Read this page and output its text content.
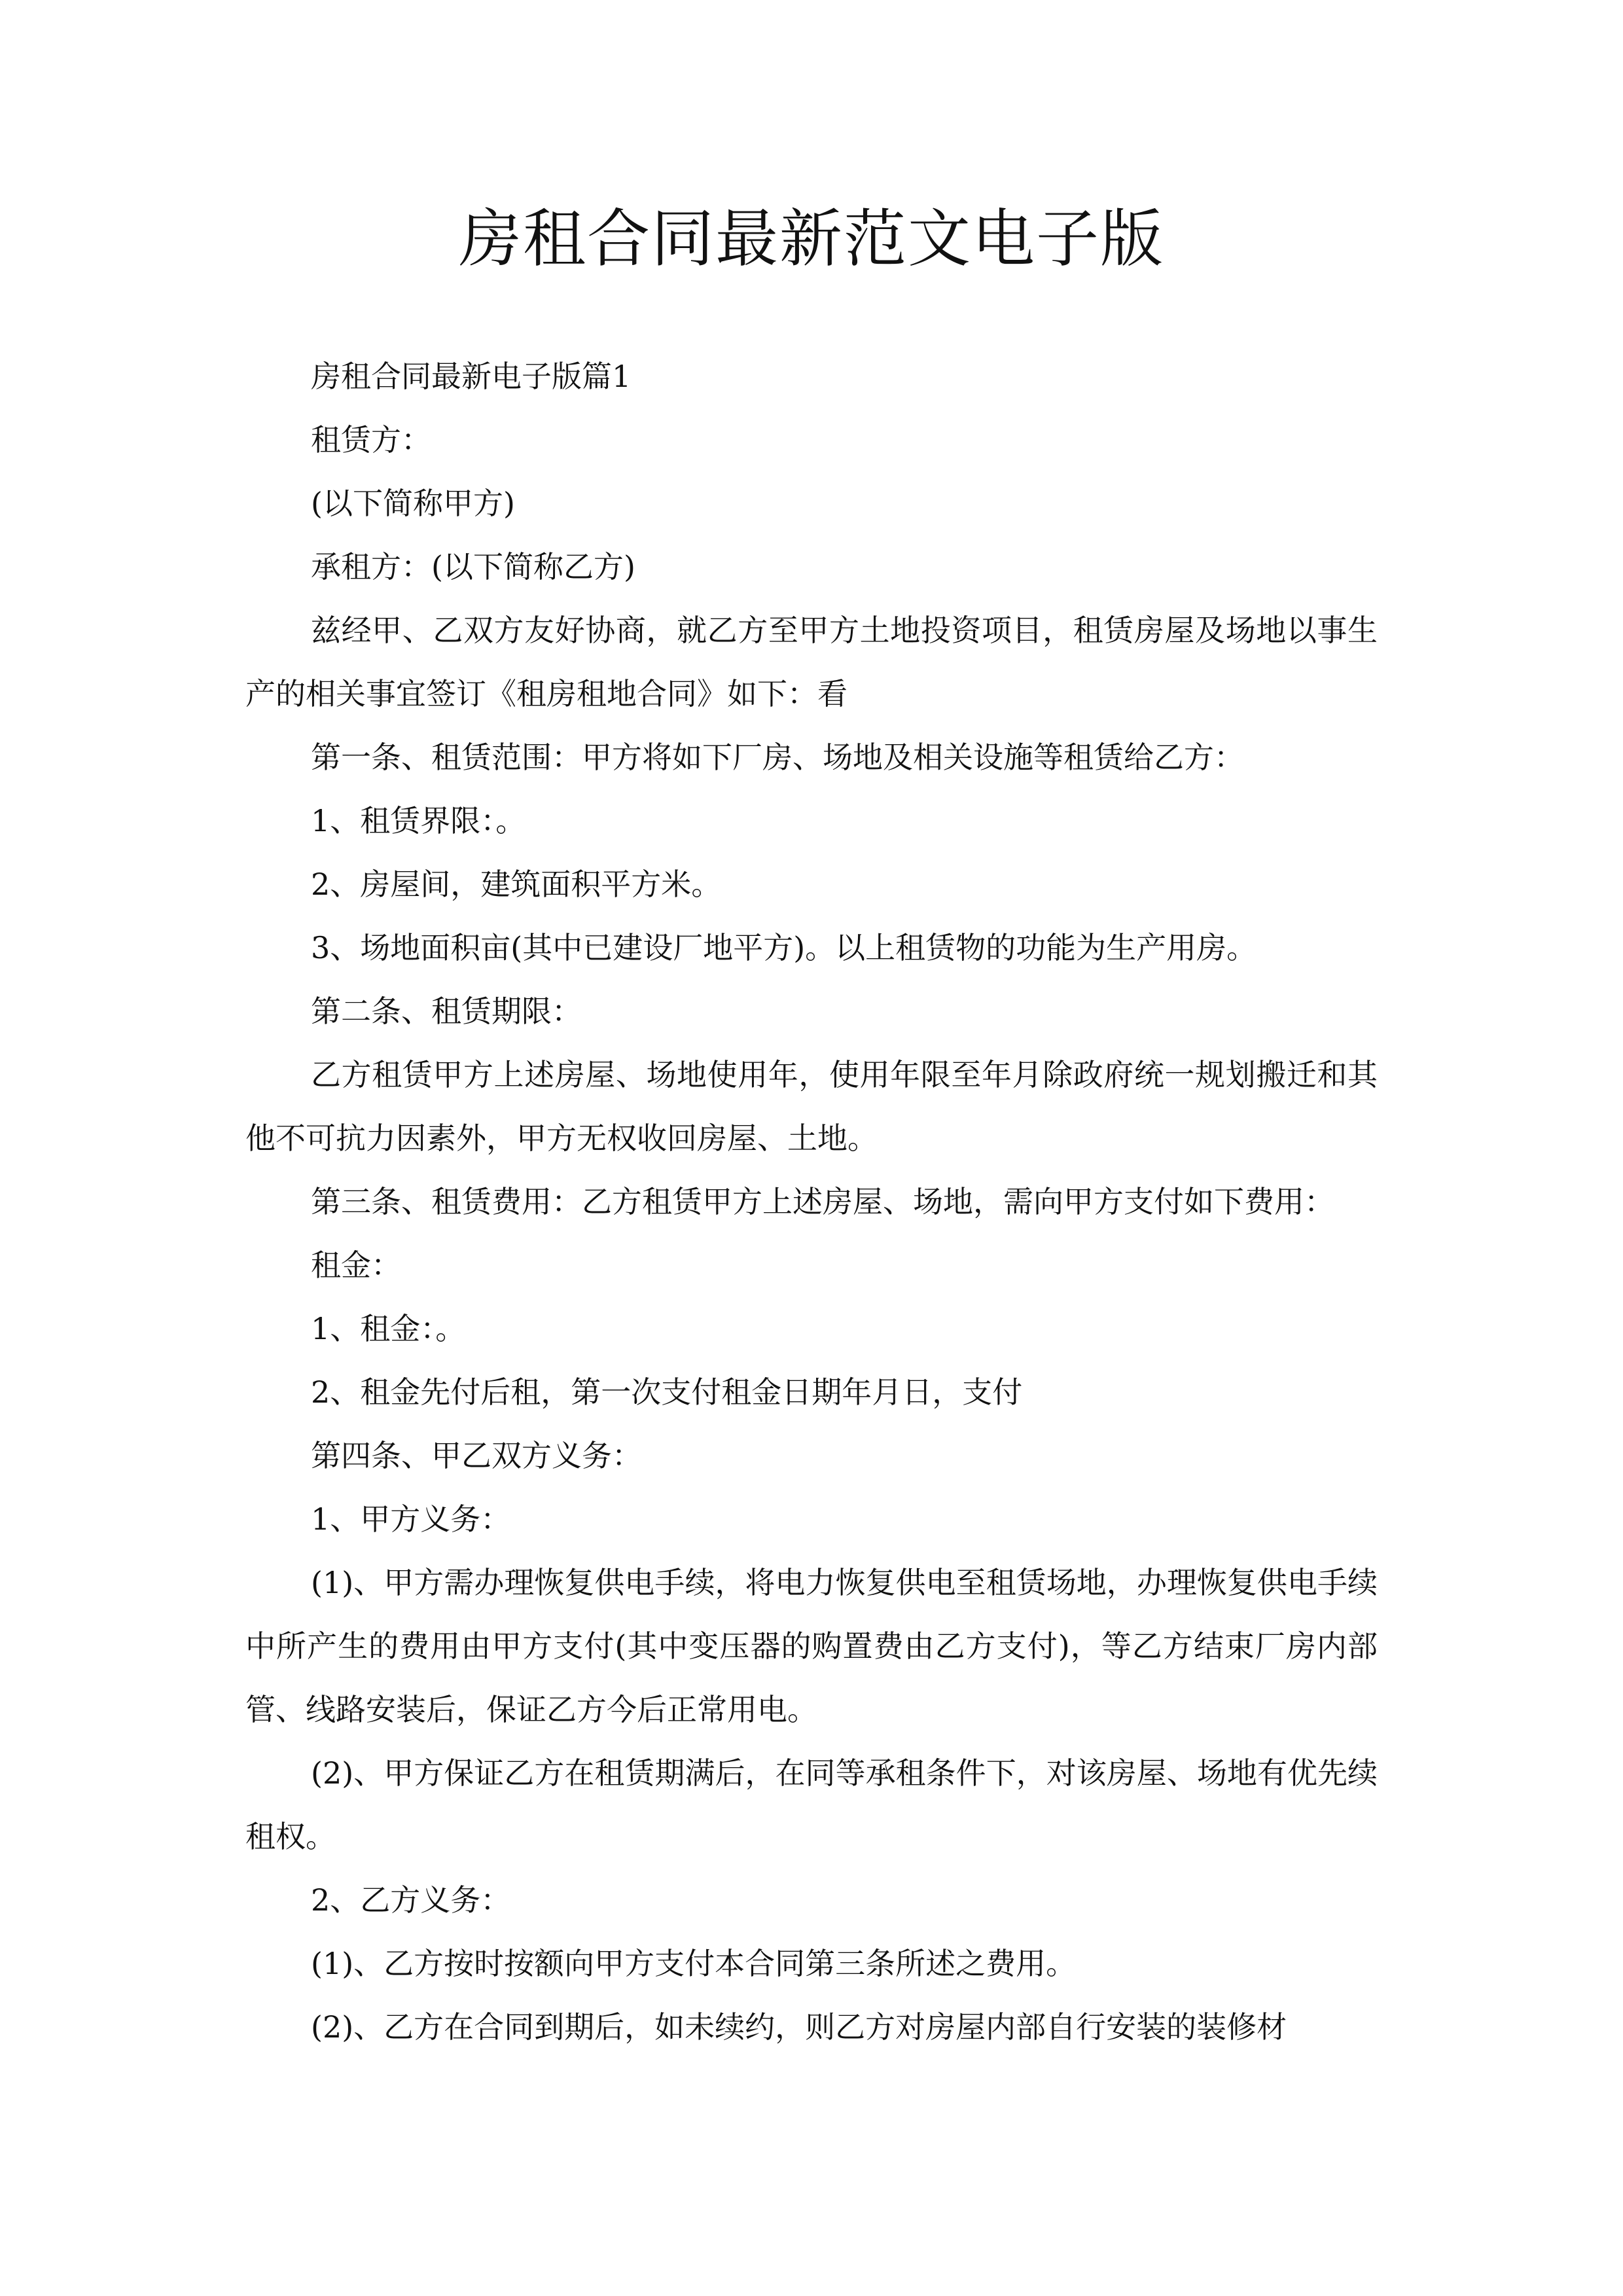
房租合同最新范文电子版

房租合同最新电子版篇1

租赁方：

(以下简称甲方)

承租方：(以下简称乙方)

兹经甲、乙双方友好协商，就乙方至甲方土地投资项目，租赁房屋及场地以事生产的相关事宜签订《租房租地合同》如下：看

第一条、租赁范围：甲方将如下厂房、场地及相关设施等租赁给乙方：

1、租赁界限：。

2、房屋间，建筑面积平方米。

3、场地面积亩(其中已建设厂地平方)。以上租赁物的功能为生产用房。

第二条、租赁期限：

乙方租赁甲方上述房屋、场地使用年，使用年限至年月除政府统一规划搬迁和其他不可抗力因素外，甲方无权收回房屋、土地。

第三条、租赁费用：乙方租赁甲方上述房屋、场地，需向甲方支付如下费用：

租金：

1、租金：。

2、租金先付后租，第一次支付租金日期年月日，支付

第四条、甲乙双方义务：

1、甲方义务：

(1)、甲方需办理恢复供电手续，将电力恢复供电至租赁场地，办理恢复供电手续中所产生的费用由甲方支付(其中变压器的购置费由乙方支付)，等乙方结束厂房内部管、线路安装后，保证乙方今后正常用电。

(2)、甲方保证乙方在租赁期满后，在同等承租条件下，对该房屋、场地有优先续租权。

2、乙方义务：

(1)、乙方按时按额向甲方支付本合同第三条所述之费用。

(2)、乙方在合同到期后，如未续约，则乙方对房屋内部自行安装的装修材
